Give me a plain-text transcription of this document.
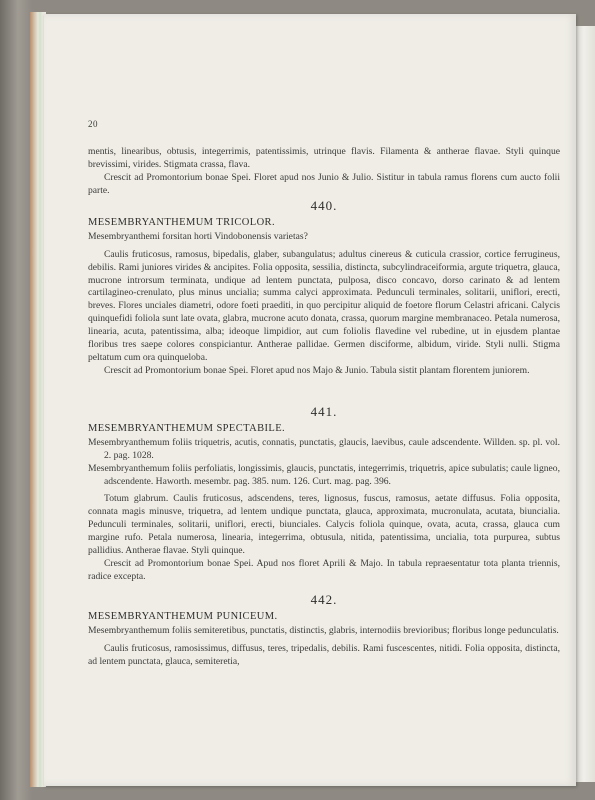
20

mentis, linearibus, obtusis, integerrimis, patentissimis, utrinque flavis. Filamenta & antherae flavae. Styli quinque brevissimi, virides. Stigmata crassa, flava.

Crescit ad Promontorium bonae Spei. Floret apud nos Junio & Julio. Sistitur in tabula ramus florens cum aucto folii parte.

440.
MESEMBRYANTHEMUM TRICOLOR.

Mesembryanthemi forsitan horti Vindobonensis varietas?

Caulis fruticosus, ramosus, bipedalis, glaber, subangulatus; adultus cinereus & cuticula crassior, cortice ferrugineus, debilis. Rami juniores virides & ancipites. Folia opposita, sessilia, distincta, subcylindraceiformia, argute triquetra, glauca, mucrone introrsum terminata, undique ad lentem punctata, pulposa, disco concavo, dorso carinato & ad lentem cartilagineo-crenulato, plus minus uncialia; summa calyci approximata. Pedunculi terminales, solitarii, uniflori, erecti, breves. Flores unciales diametri, odore foeti praediti, in quo percipitur aliquid de foetore florum Celastri africani. Calycis quinquefidi foliola sunt late ovata, glabra, mucrone acuto donata, crassa, quorum margine membranaceo. Petala numerosa, linearia, acuta, patentissima, alba; ideoque limpidior, aut cum foliolis flavedine vel rubedine, ut in ejusdem plantae floribus tres saepe colores conspiciantur. Antherae pallidae. Germen disciforme, albidum, viride. Styli nulli. Stigma peltatum cum ora quinqueloba.

Crescit ad Promontorium bonae Spei. Floret apud nos Majo & Junio. Tabula sistit plantam florentem juniorem.

441.
MESEMBRYANTHEMUM SPECTABILE.

Mesembryanthemum foliis triquetris, acutis, connatis, punctatis, glaucis, laevibus, caule adscendente. Willden. sp. pl. vol. 2. pag. 1028.

Mesembryanthemum foliis perfoliatis, longissimis, glaucis, punctatis, integerrimis, triquetris, apice subulatis; caule ligneo, adscendente. Haworth. mesembr. pag. 385. num. 126. Curt. mag. pag. 396.

Totum glabrum. Caulis fruticosus, adscendens, teres, lignosus, fuscus, ramosus, aetate diffusus. Folia opposita, connata magis minusve, triquetra, ad lentem undique punctata, glauca, approximata, mucronulata, acutata, biuncialia. Pedunculi terminales, solitarii, uniflori, erecti, biunciales. Calycis foliola quinque, ovata, acuta, crassa, glauca cum margine rufo. Petala numerosa, linearia, integerrima, obtusula, nitida, patentissima, uncialia, tota purpurea, subtus pallidius. Antherae flavae. Styli quinque.

Crescit ad Promontorium bonae Spei. Apud nos floret Aprili & Majo. In tabula repraesentatur tota planta triennis, radice excepta.

442.
MESEMBRYANTHEMUM PUNICEUM.

Mesembryanthemum foliis semiteretibus, punctatis, distinctis, glabris, internodiis brevioribus; floribus longe pedunculatis.

Caulis fruticosus, ramosissimus, diffusus, teres, tripedalis, debilis. Rami fuscescentes, nitidi. Folia opposita, distincta, ad lentem punctata, glauca, semiteretia,
